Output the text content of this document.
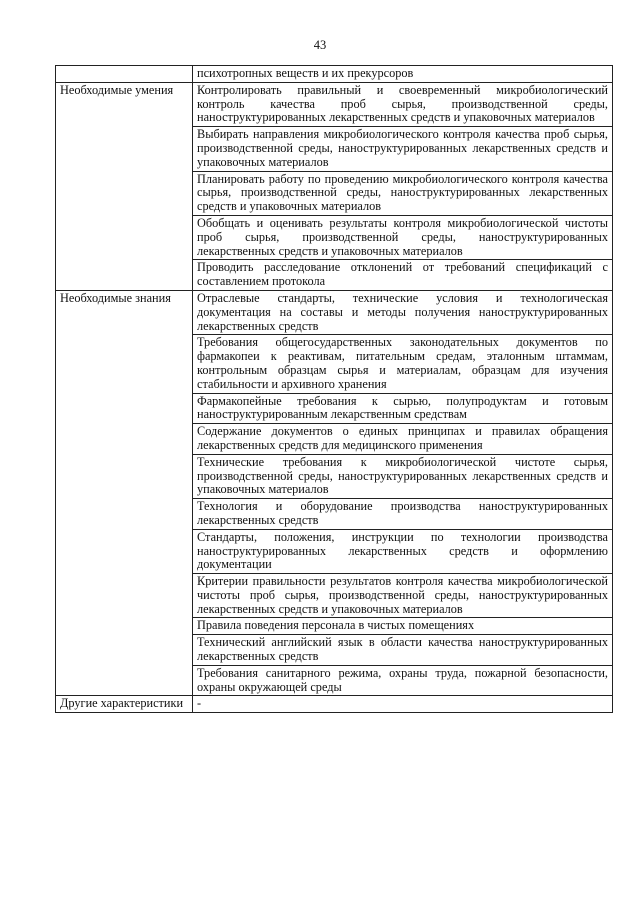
43
	психотропных веществ и их прекурсоров
Необходимые умения	Контролировать правильный и своевременный микробиологический контроль качества проб сырья, производственной среды, наноструктурированных лекарственных средств и упаковочных материалов
	Выбирать направления микробиологического контроля качества проб сырья, производственной среды, наноструктурированных лекарственных средств и упаковочных материалов
	Планировать работу по проведению микробиологического контроля качества сырья, производственной среды, наноструктурированных лекарственных средств и упаковочных материалов
	Обобщать и оценивать результаты контроля микробиологической чистоты проб сырья, производственной среды, наноструктурированных лекарственных средств и упаковочных материалов
	Проводить расследование отклонений от требований спецификаций с составлением протокола
Необходимые знания	Отраслевые стандарты, технические условия и технологическая документация на составы и методы получения наноструктурированных лекарственных средств
	Требования общегосударственных законодательных документов по фармакопеи к реактивам, питательным средам, эталонным штаммам, контрольным образцам сырья и материалам, образцам для изучения стабильности и архивного хранения
	Фармакопейные требования к сырью, полупродуктам и готовым наноструктурированным лекарственным средствам
	Содержание документов о единых принципах и правилах обращения лекарственных средств для медицинского применения
	Технические требования к микробиологической чистоте сырья, производственной среды, наноструктурированных лекарственных средств и упаковочных материалов
	Технология и оборудование производства наноструктурированных лекарственных средств
	Стандарты, положения, инструкции по технологии производства наноструктурированных лекарственных средств и оформлению документации
	Критерии правильности результатов контроля качества микробиологической чистоты проб сырья, производственной среды, наноструктурированных лекарственных средств и упаковочных материалов
	Правила поведения персонала в чистых помещениях
	Технический английский язык в области качества наноструктурированных лекарственных средств
	Требования санитарного режима, охраны труда, пожарной безопасности, охраны окружающей среды
Другие характеристики	-
